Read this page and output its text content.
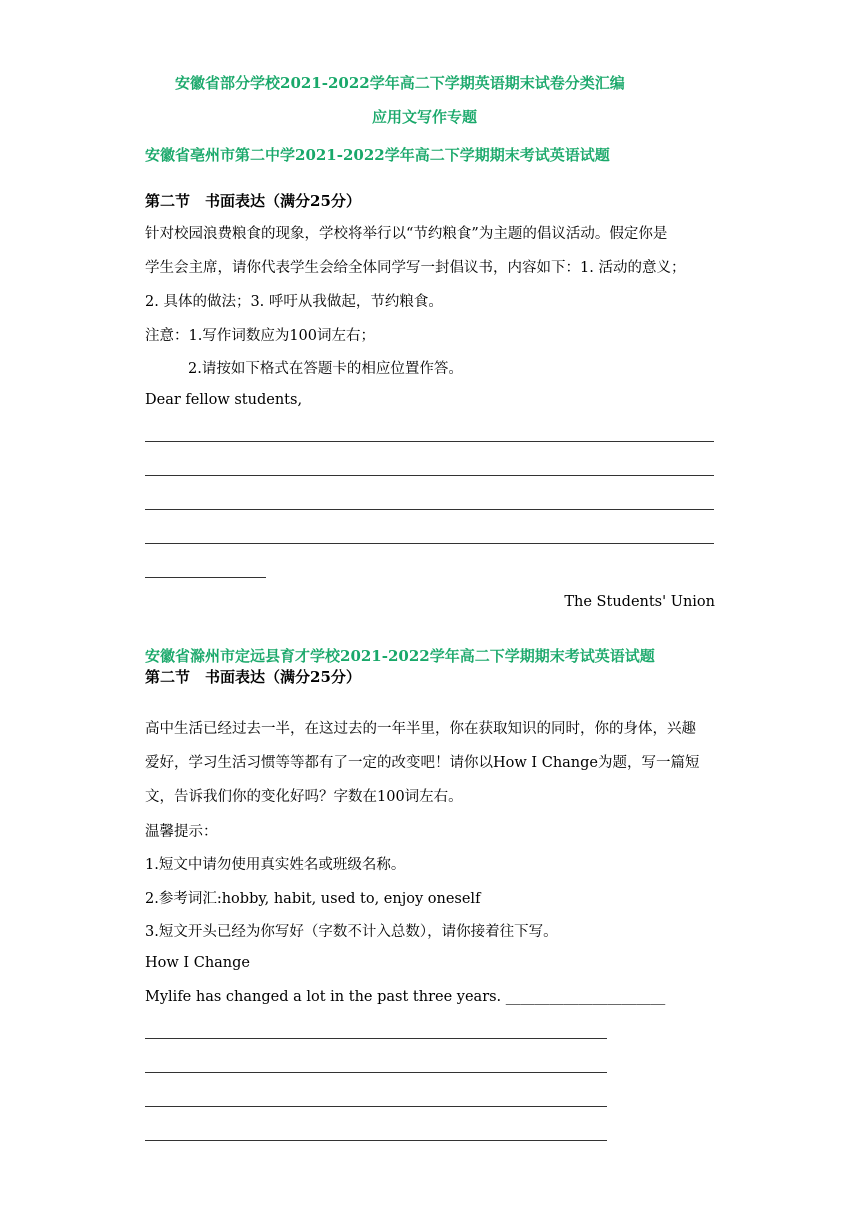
安徽省部分学校2021-2022学年高二下学期英语期末试卷分类汇编
应用文写作专题
安徽省亳州市第二中学2021-2022学年高二下学期期末考试英语试题
第二节　书面表达（满分25分）
针对校园浪费粮食的现象，学校将举行以“节约粮食”为主题的倡议活动。假定你是
学生会主席，请你代表学生会给全体同学写一封倡议书，内容如下：1. 活动的意义；
2. 具体的做法；3. 呼吁从我做起，节约粮食。
注意：1.写作词数应为100词左右；
2.请按如下格式在答题卡的相应位置作答。
Dear fellow students,
The Students' Union
安徽省滁州市定远县育才学校2021-2022学年高二下学期期末考试英语试题
第二节　书面表达（满分25分）
高中生活已经过去一半，在这过去的一年半里，你在获取知识的同时，你的身体，兴趣
爱好，学习生活习惯等等都有了一定的改变吧！请你以How I Change为题，写一篇短
文，告诉我们你的变化好吗？字数在100词左右。
温馨提示：
1.短文中请勿使用真实姓名或班级名称。
2.参考词汇:hobby, habit, used to, enjoy oneself
3.短文开头已经为你写好（字数不计入总数），请你接着往下写。
How I Change
Mylife has changed a lot in the past three years. ______________________
